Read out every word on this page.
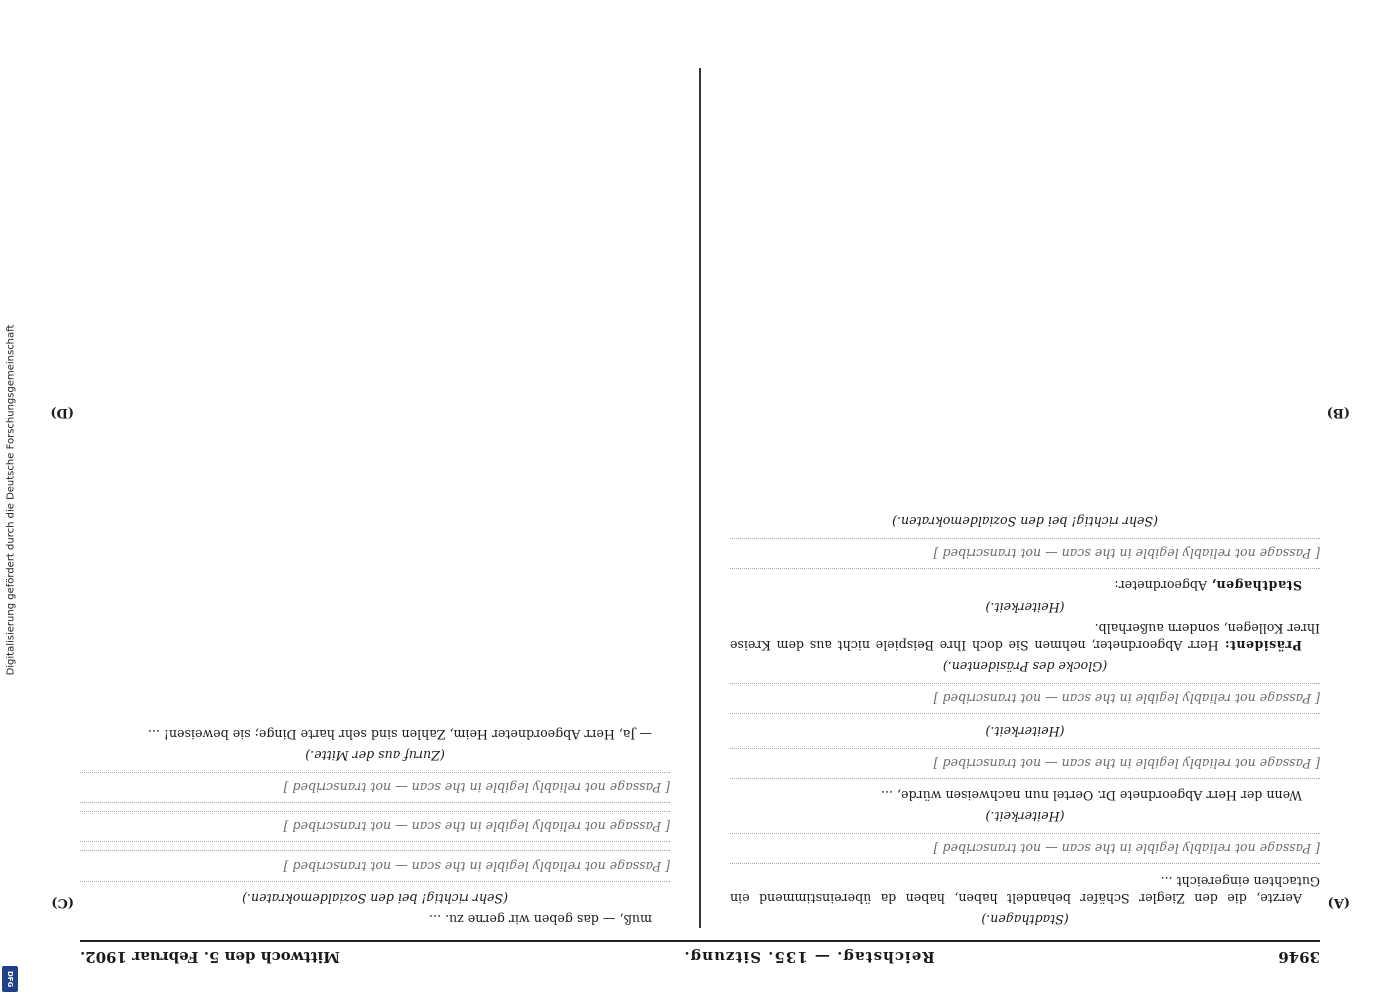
Digitalisierung gefördert durch die Deutsche Forschungsgemeinschaft
DFG
3946
Reichstag. — 135. Sitzung.
Mittwoch den 5. Februar 1902.
(A)
(B)
(C)
(D)

(Stadthagen.)

Aerzte, die den Ziegler Schäfer behandelt haben, haben da übereinstimmend ein Gutachten eingereicht ...

[ Passage not reliably legible in the scan — not transcribed ]

(Heiterkeit.)

Wenn der Herr Abgeordnete Dr. Oertel nun nachweisen würde, ...

[ Passage not reliably legible in the scan — not transcribed ]

(Heiterkeit.)

[ Passage not reliably legible in the scan — not transcribed ]

(Glocke des Präsidenten.)

Präsident: Herr Abgeordneter, nehmen Sie doch Ihre Beispiele nicht aus dem Kreise Ihrer Kollegen, sondern außerhalb.

(Heiterkeit.)

Stadthagen, Abgeordneter:

[ Passage not reliably legible in the scan — not transcribed ]

(Sehr richtig! bei den Sozialdemokraten.)

muß, — das geben wir gerne zu. ...

(Sehr richtig! bei den Sozialdemokraten.)

[ Passage not reliably legible in the scan — not transcribed ]

[ Passage not reliably legible in the scan — not transcribed ]

[ Passage not reliably legible in the scan — not transcribed ]

(Zuruf aus der Mitte.)

— Ja, Herr Abgeordneter Heim, Zahlen sind sehr harte Dinge; sie beweisen! ...
